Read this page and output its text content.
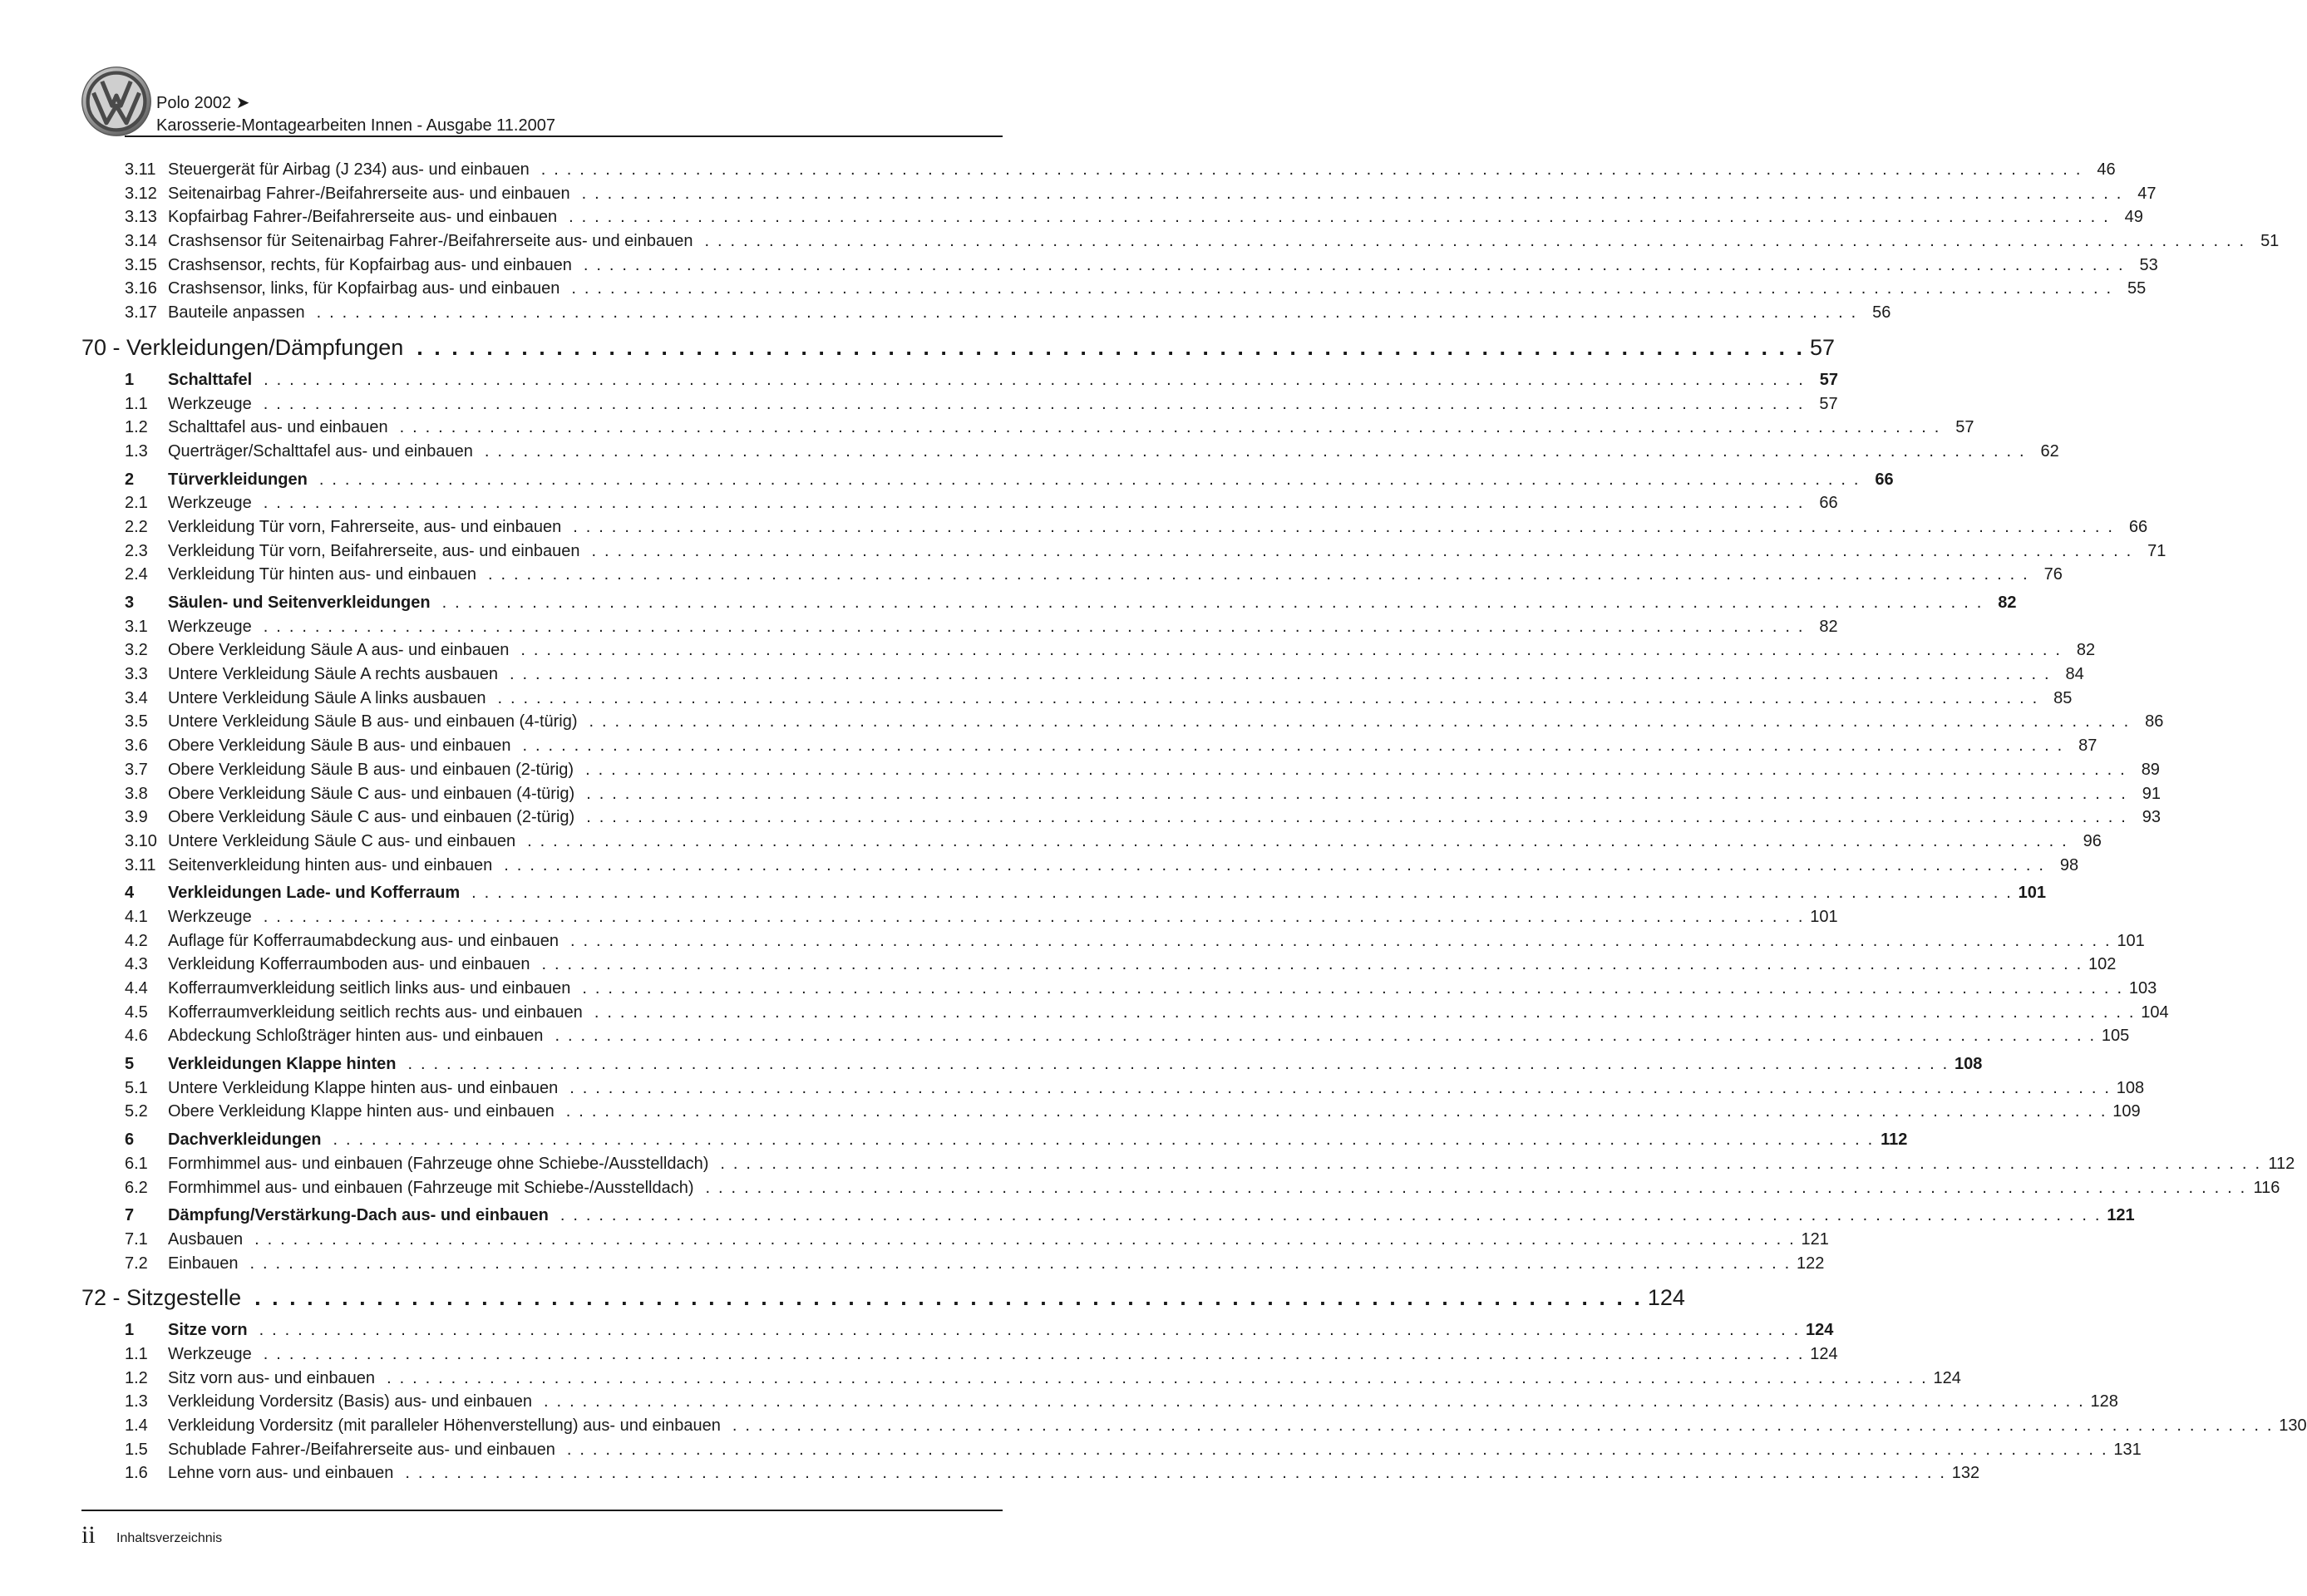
Polo 2002 ➤
Karosserie-Montagearbeiten Innen - Ausgabe 11.2007
3.11 Steuergerät für Airbag (J 234) aus- und einbauen . . . . . . . . . . . . . . . . . . . . . . . . . . . . . . . . . . . . . . . . . . . . . . . . . . . . . . . . . . . . . . . . . . . . . . . . . . . . . . . . . . . . . . . . . . . . . . . . . . . . . . . . . . . . . . . . . . . . . . . . 46
3.12 Seitenairbag Fahrer-/Beifahrerseite aus- und einbauen . . . . . . . . . . . . . . . . . . . . . . . . . . . . . . . . . . . . . . . . . . . . . . . . . . . . . . . . . . . . . . . . . . . . . . . . . . . . . . . . . . . . . . . . . . . . . . . . . . . . . . . . . . . . . . . . . . . . . . . . 47
3.13 Kopfairbag Fahrer-/Beifahrerseite aus- und einbauen . . . . . . . . . . . . . . . . . . . . . . . . . . . . . . . . . . . . . . . . . . . . . . . . . . . . . . . . . . . . . . . . . . . . . . . . . . . . . . . . . . . . . . . . . . . . . . . . . . . . . . . . . . . . . . . . . . . . . . . . 49
3.14 Crashsensor für Seitenairbag Fahrer-/Beifahrerseite aus- und einbauen . . . . . . . . . . . . . . . . . . . . . . . . . . . . . . . . . . . . . . . . . . . . . . . . . . . . . . . . . . . . . . . . . . . . . . . . . . . . . . . . . . . . . . . . . . . . . . . . . . . . . . . . . . . . . . . . . . . . . . . . 51
3.15 Crashsensor, rechts, für Kopfairbag aus- und einbauen . . . . . . . . . . . . . . . . . . . . . . . . . . . . . . . . . . . . . . . . . . . . . . . . . . . . . . . . . . . . . . . . . . . . . . . . . . . . . . . . . . . . . . . . . . . . . . . . . . . . . . . . . . . . . . . . . . . . . . . . 53
3.16 Crashsensor, links, für Kopfairbag aus- und einbauen . . . . . . . . . . . . . . . . . . . . . . . . . . . . . . . . . . . . . . . . . . . . . . . . . . . . . . . . . . . . . . . . . . . . . . . . . . . . . . . . . . . . . . . . . . . . . . . . . . . . . . . . . . . . . . . . . . . . . . . . 55
3.17 Bauteile anpassen . . . . . . . . . . . . . . . . . . . . . . . . . . . . . . . . . . . . . . . . . . . . . . . . . . . . . . . . . . . . . . . . . . . . . . . . . . . . . . . . . . . . . . . . . . . . . . . . . . . . . . . . . . . . . . . . . . . . . . . . 56
70 - Verkleidungen/Dämpfungen . . . . . . . . . . . . . . . . . . . . . . . . . . . . . . . . . . . . . . . . . . . . . . . . . . . . . . . . . . . . . . . . . . . . . . . . . . . . . . . . 57
1	Schalttafel . . . . . . . . . . . . . . . . . . . . . . . . . . . . . . . . . . . . . . . . . . . . . . . . . . . . . . . . . . . . . . . . . . . . . . . . . . . . . . . . . . . . . . . . . . . . . . . . . . . . . . . . . . . . . . . . . . . . . . . . 57
1.1	Werkzeuge . . . . . . . . . . . . . . . . . . . . . . . . . . . . . . . . . . . . . . . . . . . . . . . . . . . . . . . . . . . . . . . . . . . . . . . . . . . . . . . . . . . . . . . . . . . . . . . . . . . . . . . . . . . . . . . . . . . . . . . . 57
1.2	Schalttafel aus- und einbauen . . . . . . . . . . . . . . . . . . . . . . . . . . . . . . . . . . . . . . . . . . . . . . . . . . . . . . . . . . . . . . . . . . . . . . . . . . . . . . . . . . . . . . . . . . . . . . . . . . . . . . . . . . . . . . . . . . . . . . . . 57
1.3	Querträger/Schalttafel aus- und einbauen . . . . . . . . . . . . . . . . . . . . . . . . . . . . . . . . . . . . . . . . . . . . . . . . . . . . . . . . . . . . . . . . . . . . . . . . . . . . . . . . . . . . . . . . . . . . . . . . . . . . . . . . . . . . . . . . . . . . . . . . 62
2	Türverkleidungen . . . . . . . . . . . . . . . . . . . . . . . . . . . . . . . . . . . . . . . . . . . . . . . . . . . . . . . . . . . . . . . . . . . . . . . . . . . . . . . . . . . . . . . . . . . . . . . . . . . . . . . . . . . . . . . . . . . . . . . . 66
2.1	Werkzeuge . . . . . . . . . . . . . . . . . . . . . . . . . . . . . . . . . . . . . . . . . . . . . . . . . . . . . . . . . . . . . . . . . . . . . . . . . . . . . . . . . . . . . . . . . . . . . . . . . . . . . . . . . . . . . . . . . . . . . . . . 66
2.2	Verkleidung Tür vorn, Fahrerseite, aus- und einbauen . . . . . . . . . . . . . . . . . . . . . . . . . . . . . . . . . . . . . . . . . . . . . . . . . . . . . . . . . . . . . . . . . . . . . . . . . . . . . . . . . . . . . . . . . . . . . . . . . . . . . . . . . . . . . . . . . . . . . . . . 66
2.3	Verkleidung Tür vorn, Beifahrerseite, aus- und einbauen . . . . . . . . . . . . . . . . . . . . . . . . . . . . . . . . . . . . . . . . . . . . . . . . . . . . . . . . . . . . . . . . . . . . . . . . . . . . . . . . . . . . . . . . . . . . . . . . . . . . . . . . . . . . . . . . . . . . . . . . 71
2.4	Verkleidung Tür hinten aus- und einbauen . . . . . . . . . . . . . . . . . . . . . . . . . . . . . . . . . . . . . . . . . . . . . . . . . . . . . . . . . . . . . . . . . . . . . . . . . . . . . . . . . . . . . . . . . . . . . . . . . . . . . . . . . . . . . . . . . . . . . . . . 76
3	Säulen- und Seitenverkleidungen . . . . . . . . . . . . . . . . . . . . . . . . . . . . . . . . . . . . . . . . . . . . . . . . . . . . . . . . . . . . . . . . . . . . . . . . . . . . . . . . . . . . . . . . . . . . . . . . . . . . . . . . . . . . . . . . . . . . . . . . 82
3.1	Werkzeuge . . . . . . . . . . . . . . . . . . . . . . . . . . . . . . . . . . . . . . . . . . . . . . . . . . . . . . . . . . . . . . . . . . . . . . . . . . . . . . . . . . . . . . . . . . . . . . . . . . . . . . . . . . . . . . . . . . . . . . . . 82
3.2	Obere Verkleidung Säule A aus- und einbauen . . . . . . . . . . . . . . . . . . . . . . . . . . . . . . . . . . . . . . . . . . . . . . . . . . . . . . . . . . . . . . . . . . . . . . . . . . . . . . . . . . . . . . . . . . . . . . . . . . . . . . . . . . . . . . . . . . . . . . . . 82
3.3	Untere Verkleidung Säule A rechts ausbauen . . . . . . . . . . . . . . . . . . . . . . . . . . . . . . . . . . . . . . . . . . . . . . . . . . . . . . . . . . . . . . . . . . . . . . . . . . . . . . . . . . . . . . . . . . . . . . . . . . . . . . . . . . . . . . . . . . . . . . . . 84
3.4	Untere Verkleidung Säule A links ausbauen . . . . . . . . . . . . . . . . . . . . . . . . . . . . . . . . . . . . . . . . . . . . . . . . . . . . . . . . . . . . . . . . . . . . . . . . . . . . . . . . . . . . . . . . . . . . . . . . . . . . . . . . . . . . . . . . . . . . . . . . 85
3.5	Untere Verkleidung Säule B aus- und einbauen (4-türig) . . . . . . . . . . . . . . . . . . . . . . . . . . . . . . . . . . . . . . . . . . . . . . . . . . . . . . . . . . . . . . . . . . . . . . . . . . . . . . . . . . . . . . . . . . . . . . . . . . . . . . . . . . . . . . . . . . . . . . . . 86
3.6	Obere Verkleidung Säule B aus- und einbauen . . . . . . . . . . . . . . . . . . . . . . . . . . . . . . . . . . . . . . . . . . . . . . . . . . . . . . . . . . . . . . . . . . . . . . . . . . . . . . . . . . . . . . . . . . . . . . . . . . . . . . . . . . . . . . . . . . . . . . . . 87
3.7	Obere Verkleidung Säule B aus- und einbauen (2-türig) . . . . . . . . . . . . . . . . . . . . . . . . . . . . . . . . . . . . . . . . . . . . . . . . . . . . . . . . . . . . . . . . . . . . . . . . . . . . . . . . . . . . . . . . . . . . . . . . . . . . . . . . . . . . . . . . . . . . . . . . 89
3.8	Obere Verkleidung Säule C aus- und einbauen (4-türig) . . . . . . . . . . . . . . . . . . . . . . . . . . . . . . . . . . . . . . . . . . . . . . . . . . . . . . . . . . . . . . . . . . . . . . . . . . . . . . . . . . . . . . . . . . . . . . . . . . . . . . . . . . . . . . . . . . . . . . . . 91
3.9	Obere Verkleidung Säule C aus- und einbauen (2-türig) . . . . . . . . . . . . . . . . . . . . . . . . . . . . . . . . . . . . . . . . . . . . . . . . . . . . . . . . . . . . . . . . . . . . . . . . . . . . . . . . . . . . . . . . . . . . . . . . . . . . . . . . . . . . . . . . . . . . . . . . 93
3.10 Untere Verkleidung Säule C aus- und einbauen . . . . . . . . . . . . . . . . . . . . . . . . . . . . . . . . . . . . . . . . . . . . . . . . . . . . . . . . . . . . . . . . . . . . . . . . . . . . . . . . . . . . . . . . . . . . . . . . . . . . . . . . . . . . . . . . . . . . . . . . 96
3.11 Seitenverkleidung hinten aus- und einbauen . . . . . . . . . . . . . . . . . . . . . . . . . . . . . . . . . . . . . . . . . . . . . . . . . . . . . . . . . . . . . . . . . . . . . . . . . . . . . . . . . . . . . . . . . . . . . . . . . . . . . . . . . . . . . . . . . . . . . . . . 98
4	Verkleidungen Lade- und Kofferraum . . . . . . . . . . . . . . . . . . . . . . . . . . . . . . . . . . . . . . . . . . . . . . . . . . . . . . . . . . . . . . . . . . . . . . . . . . . . . . . . . . . . . . . . . . . . . . . . . . . . . . . . . . . . . . . . . . . . . . . . 101
4.1	Werkzeuge . . . . . . . . . . . . . . . . . . . . . . . . . . . . . . . . . . . . . . . . . . . . . . . . . . . . . . . . . . . . . . . . . . . . . . . . . . . . . . . . . . . . . . . . . . . . . . . . . . . . . . . . . . . . . . . . . . . . . . . . 101
4.2	Auflage für Kofferraumabdeckung aus- und einbauen . . . . . . . . . . . . . . . . . . . . . . . . . . . . . . . . . . . . . . . . . . . . . . . . . . . . . . . . . . . . . . . . . . . . . . . . . . . . . . . . . . . . . . . . . . . . . . . . . . . . . . . . . . . . . . . . . . . . . . . . 101
4.3	Verkleidung Kofferraumboden aus- und einbauen . . . . . . . . . . . . . . . . . . . . . . . . . . . . . . . . . . . . . . . . . . . . . . . . . . . . . . . . . . . . . . . . . . . . . . . . . . . . . . . . . . . . . . . . . . . . . . . . . . . . . . . . . . . . . . . . . . . . . . . . 102
4.4	Kofferraumverkleidung seitlich links aus- und einbauen . . . . . . . . . . . . . . . . . . . . . . . . . . . . . . . . . . . . . . . . . . . . . . . . . . . . . . . . . . . . . . . . . . . . . . . . . . . . . . . . . . . . . . . . . . . . . . . . . . . . . . . . . . . . . . . . . . . . . . . . 103
4.5	Kofferraumverkleidung seitlich rechts aus- und einbauen . . . . . . . . . . . . . . . . . . . . . . . . . . . . . . . . . . . . . . . . . . . . . . . . . . . . . . . . . . . . . . . . . . . . . . . . . . . . . . . . . . . . . . . . . . . . . . . . . . . . . . . . . . . . . . . . . . . . . . . . 104
4.6	Abdeckung Schloßträger hinten aus- und einbauen . . . . . . . . . . . . . . . . . . . . . . . . . . . . . . . . . . . . . . . . . . . . . . . . . . . . . . . . . . . . . . . . . . . . . . . . . . . . . . . . . . . . . . . . . . . . . . . . . . . . . . . . . . . . . . . . . . . . . . . . 105
5	Verkleidungen Klappe hinten . . . . . . . . . . . . . . . . . . . . . . . . . . . . . . . . . . . . . . . . . . . . . . . . . . . . . . . . . . . . . . . . . . . . . . . . . . . . . . . . . . . . . . . . . . . . . . . . . . . . . . . . . . . . . . . . . . . . . . . . 108
5.1	Untere Verkleidung Klappe hinten aus- und einbauen . . . . . . . . . . . . . . . . . . . . . . . . . . . . . . . . . . . . . . . . . . . . . . . . . . . . . . . . . . . . . . . . . . . . . . . . . . . . . . . . . . . . . . . . . . . . . . . . . . . . . . . . . . . . . . . . . . . . . . . . 108
5.2	Obere Verkleidung Klappe hinten aus- und einbauen . . . . . . . . . . . . . . . . . . . . . . . . . . . . . . . . . . . . . . . . . . . . . . . . . . . . . . . . . . . . . . . . . . . . . . . . . . . . . . . . . . . . . . . . . . . . . . . . . . . . . . . . . . . . . . . . . . . . . . . . 109
6	Dachverkleidungen . . . . . . . . . . . . . . . . . . . . . . . . . . . . . . . . . . . . . . . . . . . . . . . . . . . . . . . . . . . . . . . . . . . . . . . . . . . . . . . . . . . . . . . . . . . . . . . . . . . . . . . . . . . . . . . . . . . . . . . . 112
6.1	Formhimmel aus- und einbauen (Fahrzeuge ohne Schiebe-/Ausstelldach) . . . . . . . . . . . . . . . . . . . . . . . . . . . . . . . . . . . . . . . . . . . . . . . . . . . . . . . . . . . . . . . . . . . . . . . . . . . . . . . . . . . . . . . . . . . . . . . . . . . . . . . . . . . . . . . . . . . . . . . . 112
6.2	Formhimmel aus- und einbauen (Fahrzeuge mit Schiebe-/Ausstelldach) . . . . . . . . . . . . . . . . . . . . . . . . . . . . . . . . . . . . . . . . . . . . . . . . . . . . . . . . . . . . . . . . . . . . . . . . . . . . . . . . . . . . . . . . . . . . . . . . . . . . . . . . . . . . . . . . . . . . . . . . 116
7	Dämpfung/Verstärkung-Dach aus- und einbauen . . . . . . . . . . . . . . . . . . . . . . . . . . . . . . . . . . . . . . . . . . . . . . . . . . . . . . . . . . . . . . . . . . . . . . . . . . . . . . . . . . . . . . . . . . . . . . . . . . . . . . . . . . . . . . . . . . . . . . . . 121
7.1	Ausbauen . . . . . . . . . . . . . . . . . . . . . . . . . . . . . . . . . . . . . . . . . . . . . . . . . . . . . . . . . . . . . . . . . . . . . . . . . . . . . . . . . . . . . . . . . . . . . . . . . . . . . . . . . . . . . . . . . . . . . . . . 121
7.2	Einbauen . . . . . . . . . . . . . . . . . . . . . . . . . . . . . . . . . . . . . . . . . . . . . . . . . . . . . . . . . . . . . . . . . . . . . . . . . . . . . . . . . . . . . . . . . . . . . . . . . . . . . . . . . . . . . . . . . . . . . . . . 122
72 - Sitzgestelle . . . . . . . . . . . . . . . . . . . . . . . . . . . . . . . . . . . . . . . . . . . . . . . . . . . . . . . . . . . . . . . . . . . . . . . . . . . . . . . . 124
1	Sitze vorn . . . . . . . . . . . . . . . . . . . . . . . . . . . . . . . . . . . . . . . . . . . . . . . . . . . . . . . . . . . . . . . . . . . . . . . . . . . . . . . . . . . . . . . . . . . . . . . . . . . . . . . . . . . . . . . . . . . . . . . . 124
1.1	Werkzeuge . . . . . . . . . . . . . . . . . . . . . . . . . . . . . . . . . . . . . . . . . . . . . . . . . . . . . . . . . . . . . . . . . . . . . . . . . . . . . . . . . . . . . . . . . . . . . . . . . . . . . . . . . . . . . . . . . . . . . . . . 124
1.2	Sitz vorn aus- und einbauen . . . . . . . . . . . . . . . . . . . . . . . . . . . . . . . . . . . . . . . . . . . . . . . . . . . . . . . . . . . . . . . . . . . . . . . . . . . . . . . . . . . . . . . . . . . . . . . . . . . . . . . . . . . . . . . . . . . . . . . . 124
1.3	Verkleidung Vordersitz (Basis) aus- und einbauen . . . . . . . . . . . . . . . . . . . . . . . . . . . . . . . . . . . . . . . . . . . . . . . . . . . . . . . . . . . . . . . . . . . . . . . . . . . . . . . . . . . . . . . . . . . . . . . . . . . . . . . . . . . . . . . . . . . . . . . . 128
1.4	Verkleidung Vordersitz (mit paralleler Höhenverstellung) aus- und einbauen . . . . . . . . . . . . . . . . . . . . . . . . . . . . . . . . . . . . . . . . . . . . . . . . . . . . . . . . . . . . . . . . . . . . . . . . . . . . . . . . . . . . . . . . . . . . . . . . . . . . . . . . . . . . . . . . . . . . . . . . 130
1.5	Schublade Fahrer-/Beifahrerseite aus- und einbauen . . . . . . . . . . . . . . . . . . . . . . . . . . . . . . . . . . . . . . . . . . . . . . . . . . . . . . . . . . . . . . . . . . . . . . . . . . . . . . . . . . . . . . . . . . . . . . . . . . . . . . . . . . . . . . . . . . . . . . . . 131
1.6	Lehne vorn aus- und einbauen . . . . . . . . . . . . . . . . . . . . . . . . . . . . . . . . . . . . . . . . . . . . . . . . . . . . . . . . . . . . . . . . . . . . . . . . . . . . . . . . . . . . . . . . . . . . . . . . . . . . . . . . . . . . . . . . . . . . . . . . 132
ii Inhaltsverzeichnis
